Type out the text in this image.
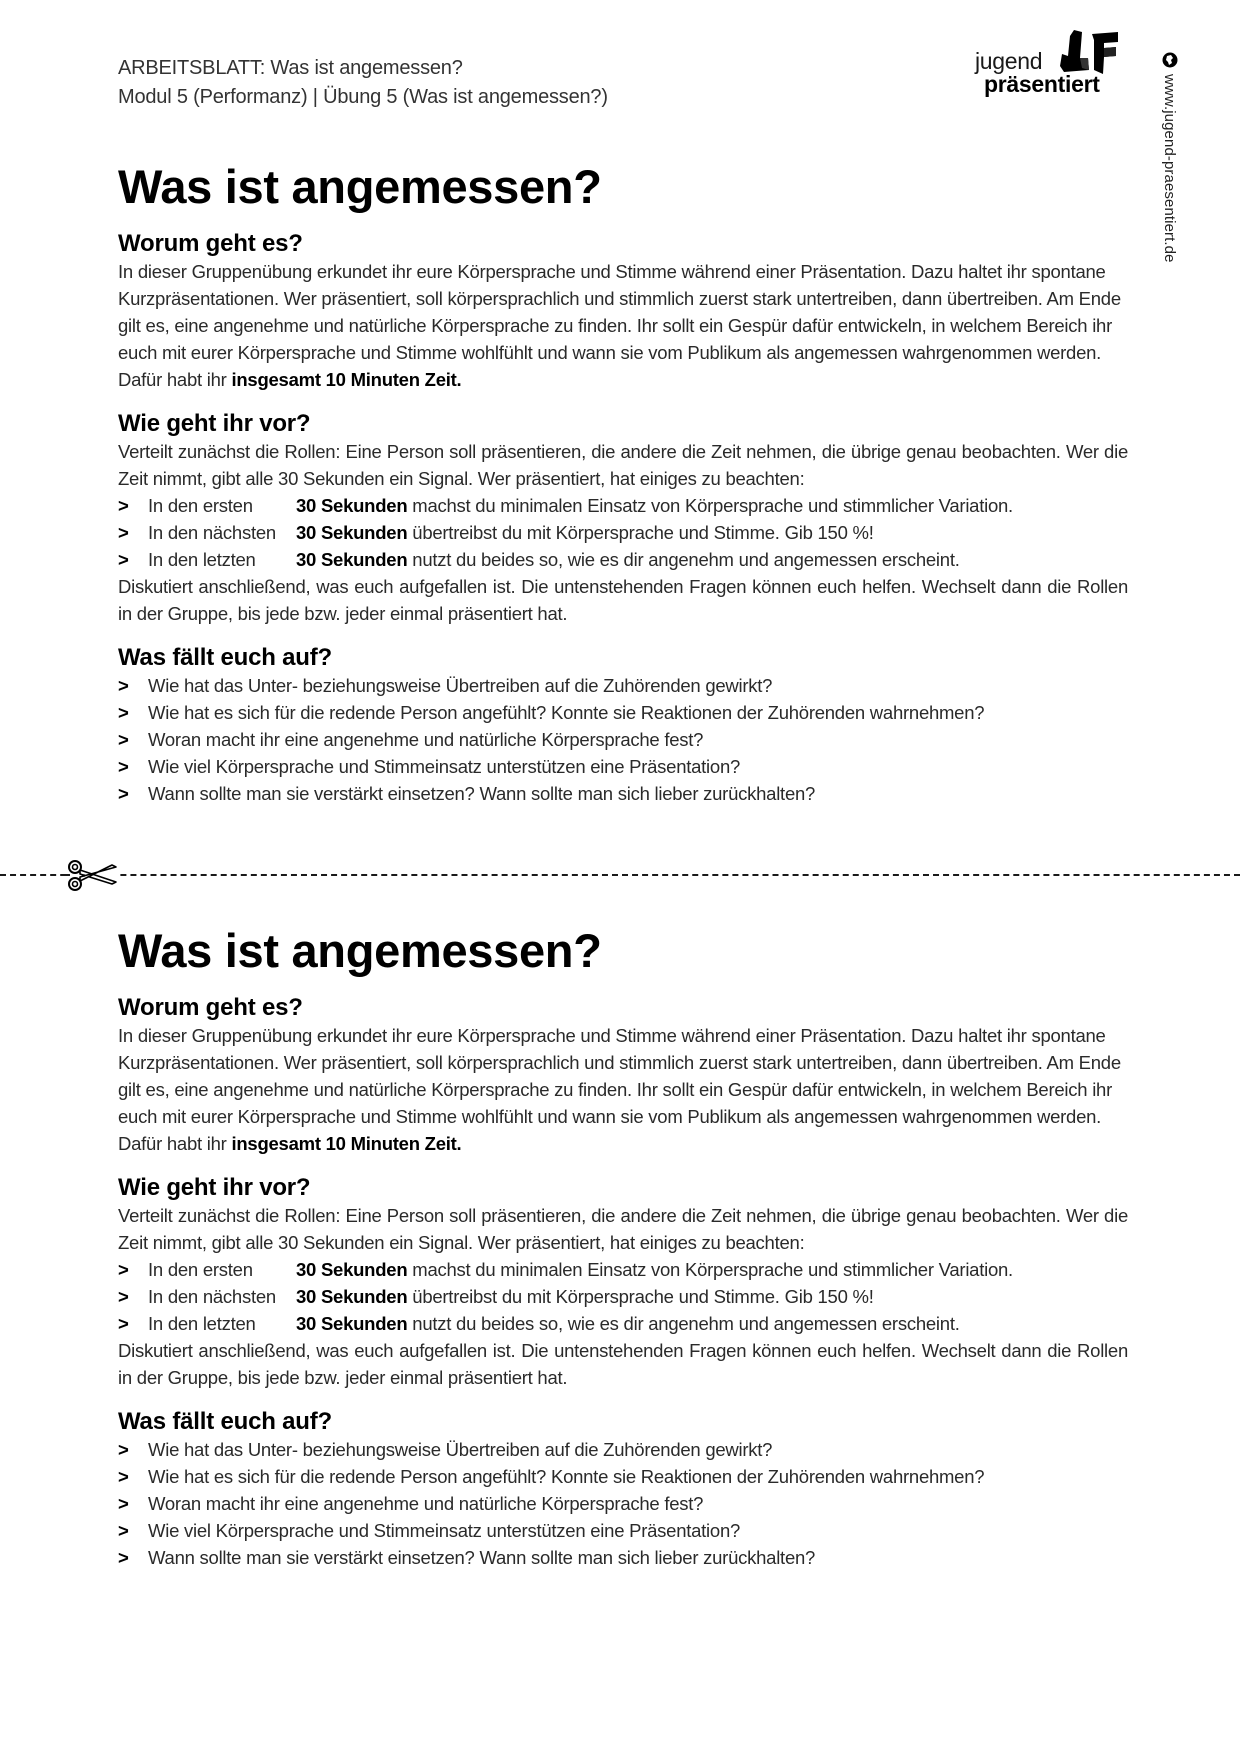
ARBEITSBLATT: Was ist angemessen?
Modul 5 (Performanz) | Übung 5 (Was ist angemessen?)
jugend
präsentiert	www.jugend-praesentiert.de
Was ist angemessen?
Worum geht es?
In dieser Gruppenübung erkundet ihr eure Körpersprache und Stimme während einer Präsentation. Dazu haltet ihr spontane Kurzpräsentationen. Wer präsentiert, soll körpersprachlich und stimmlich zuerst stark untertreiben, dann übertreiben. Am Ende gilt es, eine angenehme und natürliche Körpersprache zu finden. Ihr sollt ein Gespür dafür entwickeln, in welchem Bereich ihr euch mit eurer Körpersprache und Stimme wohlfühlt und wann sie vom Publikum als angemessen wahrgenommen werden. Dafür habt ihr insgesamt 10 Minuten Zeit.
Wie geht ihr vor?
Verteilt zunächst die Rollen: Eine Person soll präsentieren, die andere die Zeit nehmen, die übrige genau beobachten. Wer die Zeit nimmt, gibt alle 30 Sekunden ein Signal. Wer präsentiert, hat einiges zu beachten:
> In den ersten 30 Sekunden machst du minimalen Einsatz von Körpersprache und stimmlicher Variation.
> In den nächsten 30 Sekunden übertreibst du mit Körpersprache und Stimme. Gib 150 %!
> In den letzten 30 Sekunden nutzt du beides so, wie es dir angenehm und angemessen erscheint.
Diskutiert anschließend, was euch aufgefallen ist. Die untenstehenden Fragen können euch helfen. Wechselt dann die Rollen in der Gruppe, bis jede bzw. jeder einmal präsentiert hat.
Was fällt euch auf?
> Wie hat das Unter- beziehungsweise Übertreiben auf die Zuhörenden gewirkt?
> Wie hat es sich für die redende Person angefühlt? Konnte sie Reaktionen der Zuhörenden wahrnehmen?
> Woran macht ihr eine angenehme und natürliche Körpersprache fest?
> Wie viel Körpersprache und Stimmeinsatz unterstützen eine Präsentation?
> Wann sollte man sie verstärkt einsetzen? Wann sollte man sich lieber zurückhalten?
Was ist angemessen?
Worum geht es?
In dieser Gruppenübung erkundet ihr eure Körpersprache und Stimme während einer Präsentation. Dazu haltet ihr spontane Kurzpräsentationen. Wer präsentiert, soll körpersprachlich und stimmlich zuerst stark untertreiben, dann übertreiben. Am Ende gilt es, eine angenehme und natürliche Körpersprache zu finden. Ihr sollt ein Gespür dafür entwickeln, in welchem Bereich ihr euch mit eurer Körpersprache und Stimme wohlfühlt und wann sie vom Publikum als angemessen wahrgenommen werden. Dafür habt ihr insgesamt 10 Minuten Zeit.
Wie geht ihr vor?
Verteilt zunächst die Rollen: Eine Person soll präsentieren, die andere die Zeit nehmen, die übrige genau beobachten. Wer die Zeit nimmt, gibt alle 30 Sekunden ein Signal. Wer präsentiert, hat einiges zu beachten:
> In den ersten 30 Sekunden machst du minimalen Einsatz von Körpersprache und stimmlicher Variation.
> In den nächsten 30 Sekunden übertreibst du mit Körpersprache und Stimme. Gib 150 %!
> In den letzten 30 Sekunden nutzt du beides so, wie es dir angenehm und angemessen erscheint.
Diskutiert anschließend, was euch aufgefallen ist. Die untenstehenden Fragen können euch helfen. Wechselt dann die Rollen in der Gruppe, bis jede bzw. jeder einmal präsentiert hat.
Was fällt euch auf?
> Wie hat das Unter- beziehungsweise Übertreiben auf die Zuhörenden gewirkt?
> Wie hat es sich für die redende Person angefühlt? Konnte sie Reaktionen der Zuhörenden wahrnehmen?
> Woran macht ihr eine angenehme und natürliche Körpersprache fest?
> Wie viel Körpersprache und Stimmeinsatz unterstützen eine Präsentation?
> Wann sollte man sie verstärkt einsetzen? Wann sollte man sich lieber zurückhalten?
